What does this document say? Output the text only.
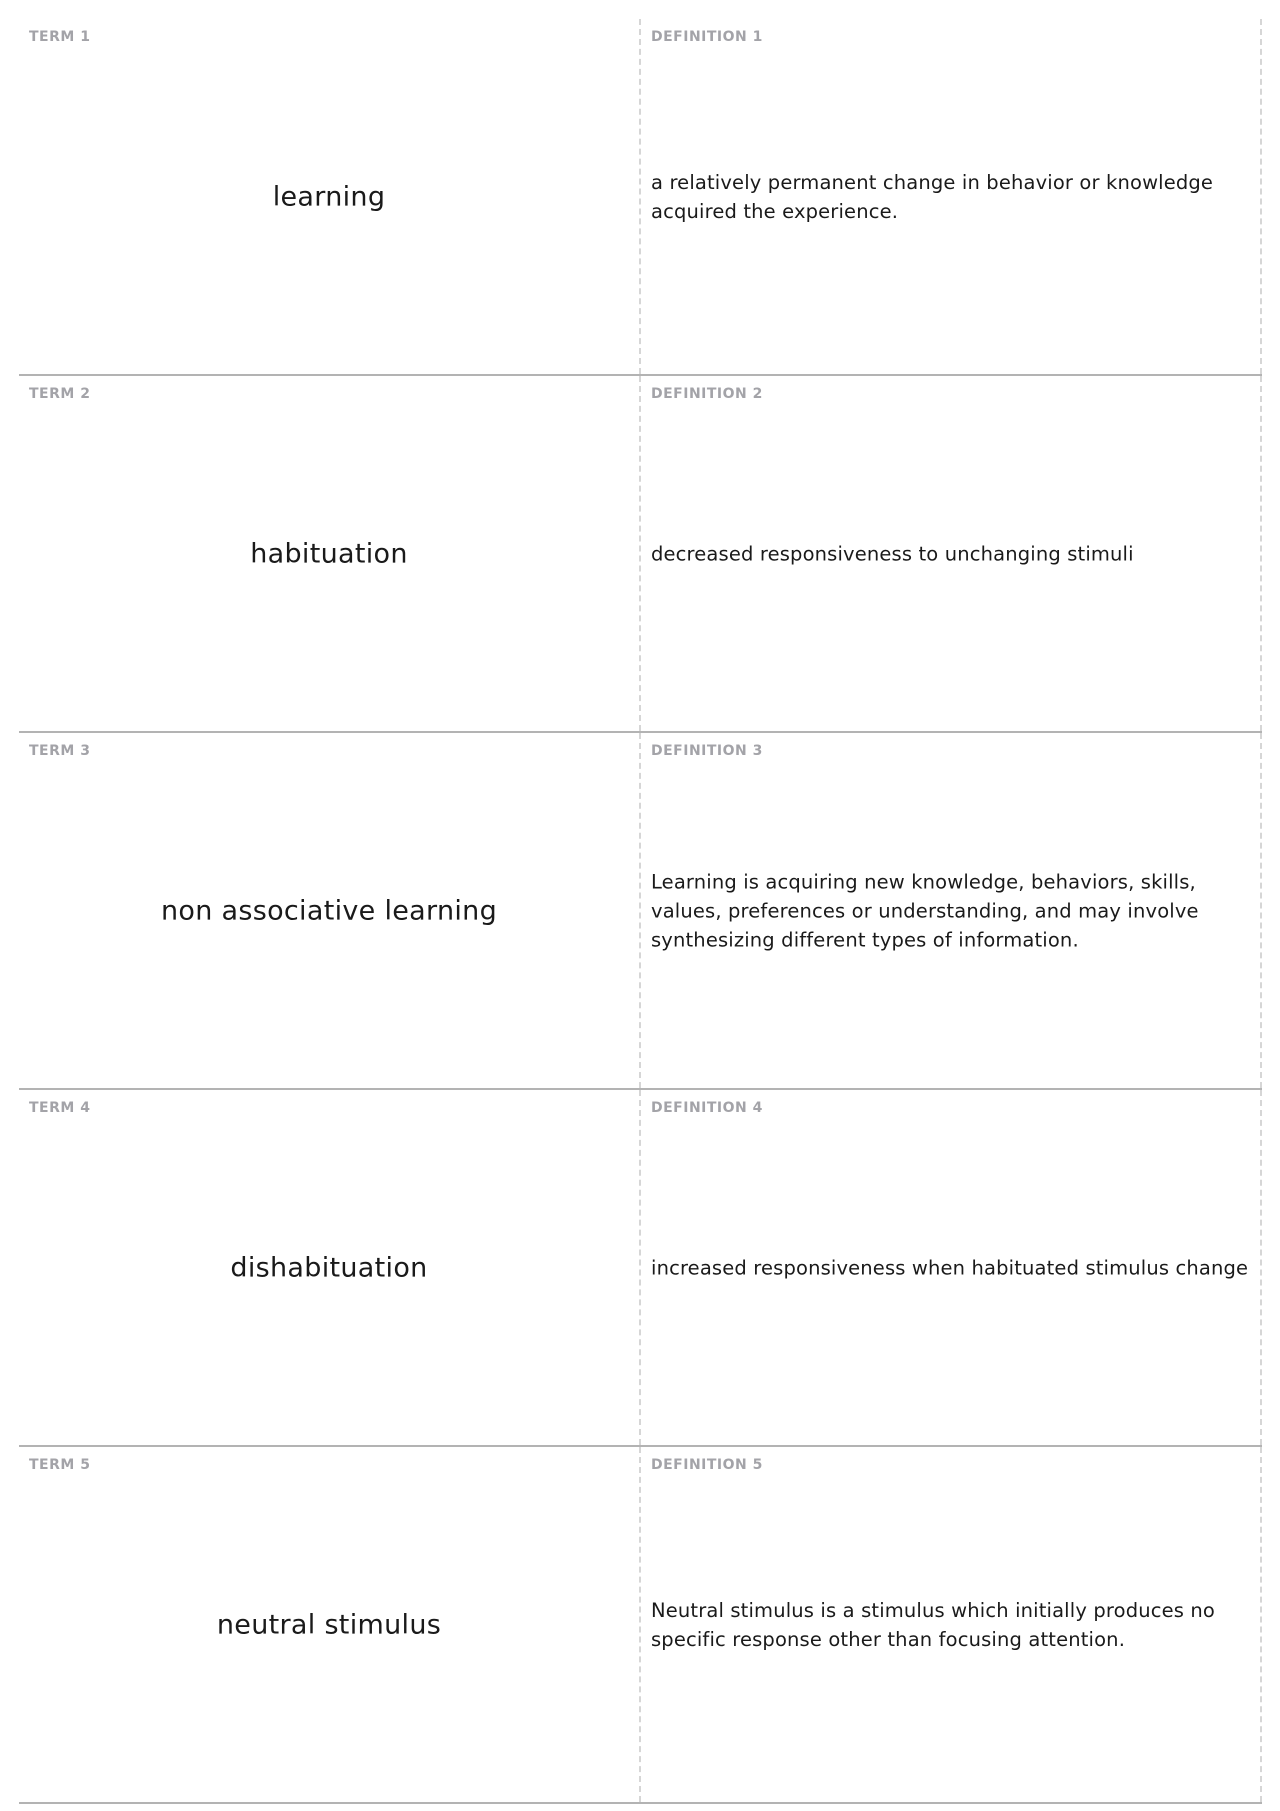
TERM 1
learning
DEFINITION 1
a relatively permanent change in behavior or knowledge acquired the experience.
TERM 2
habituation
DEFINITION 2
decreased responsiveness to unchanging stimuli
TERM 3
non associative learning
DEFINITION 3
Learning is acquiring new knowledge, behaviors, skills, values, preferences or understanding, and may involve synthesizing different types of information.
TERM 4
dishabituation
DEFINITION 4
increased responsiveness when habituated stimulus change
TERM 5
neutral stimulus
DEFINITION 5
Neutral stimulus is a stimulus which initially produces no specific response other than focusing attention.
